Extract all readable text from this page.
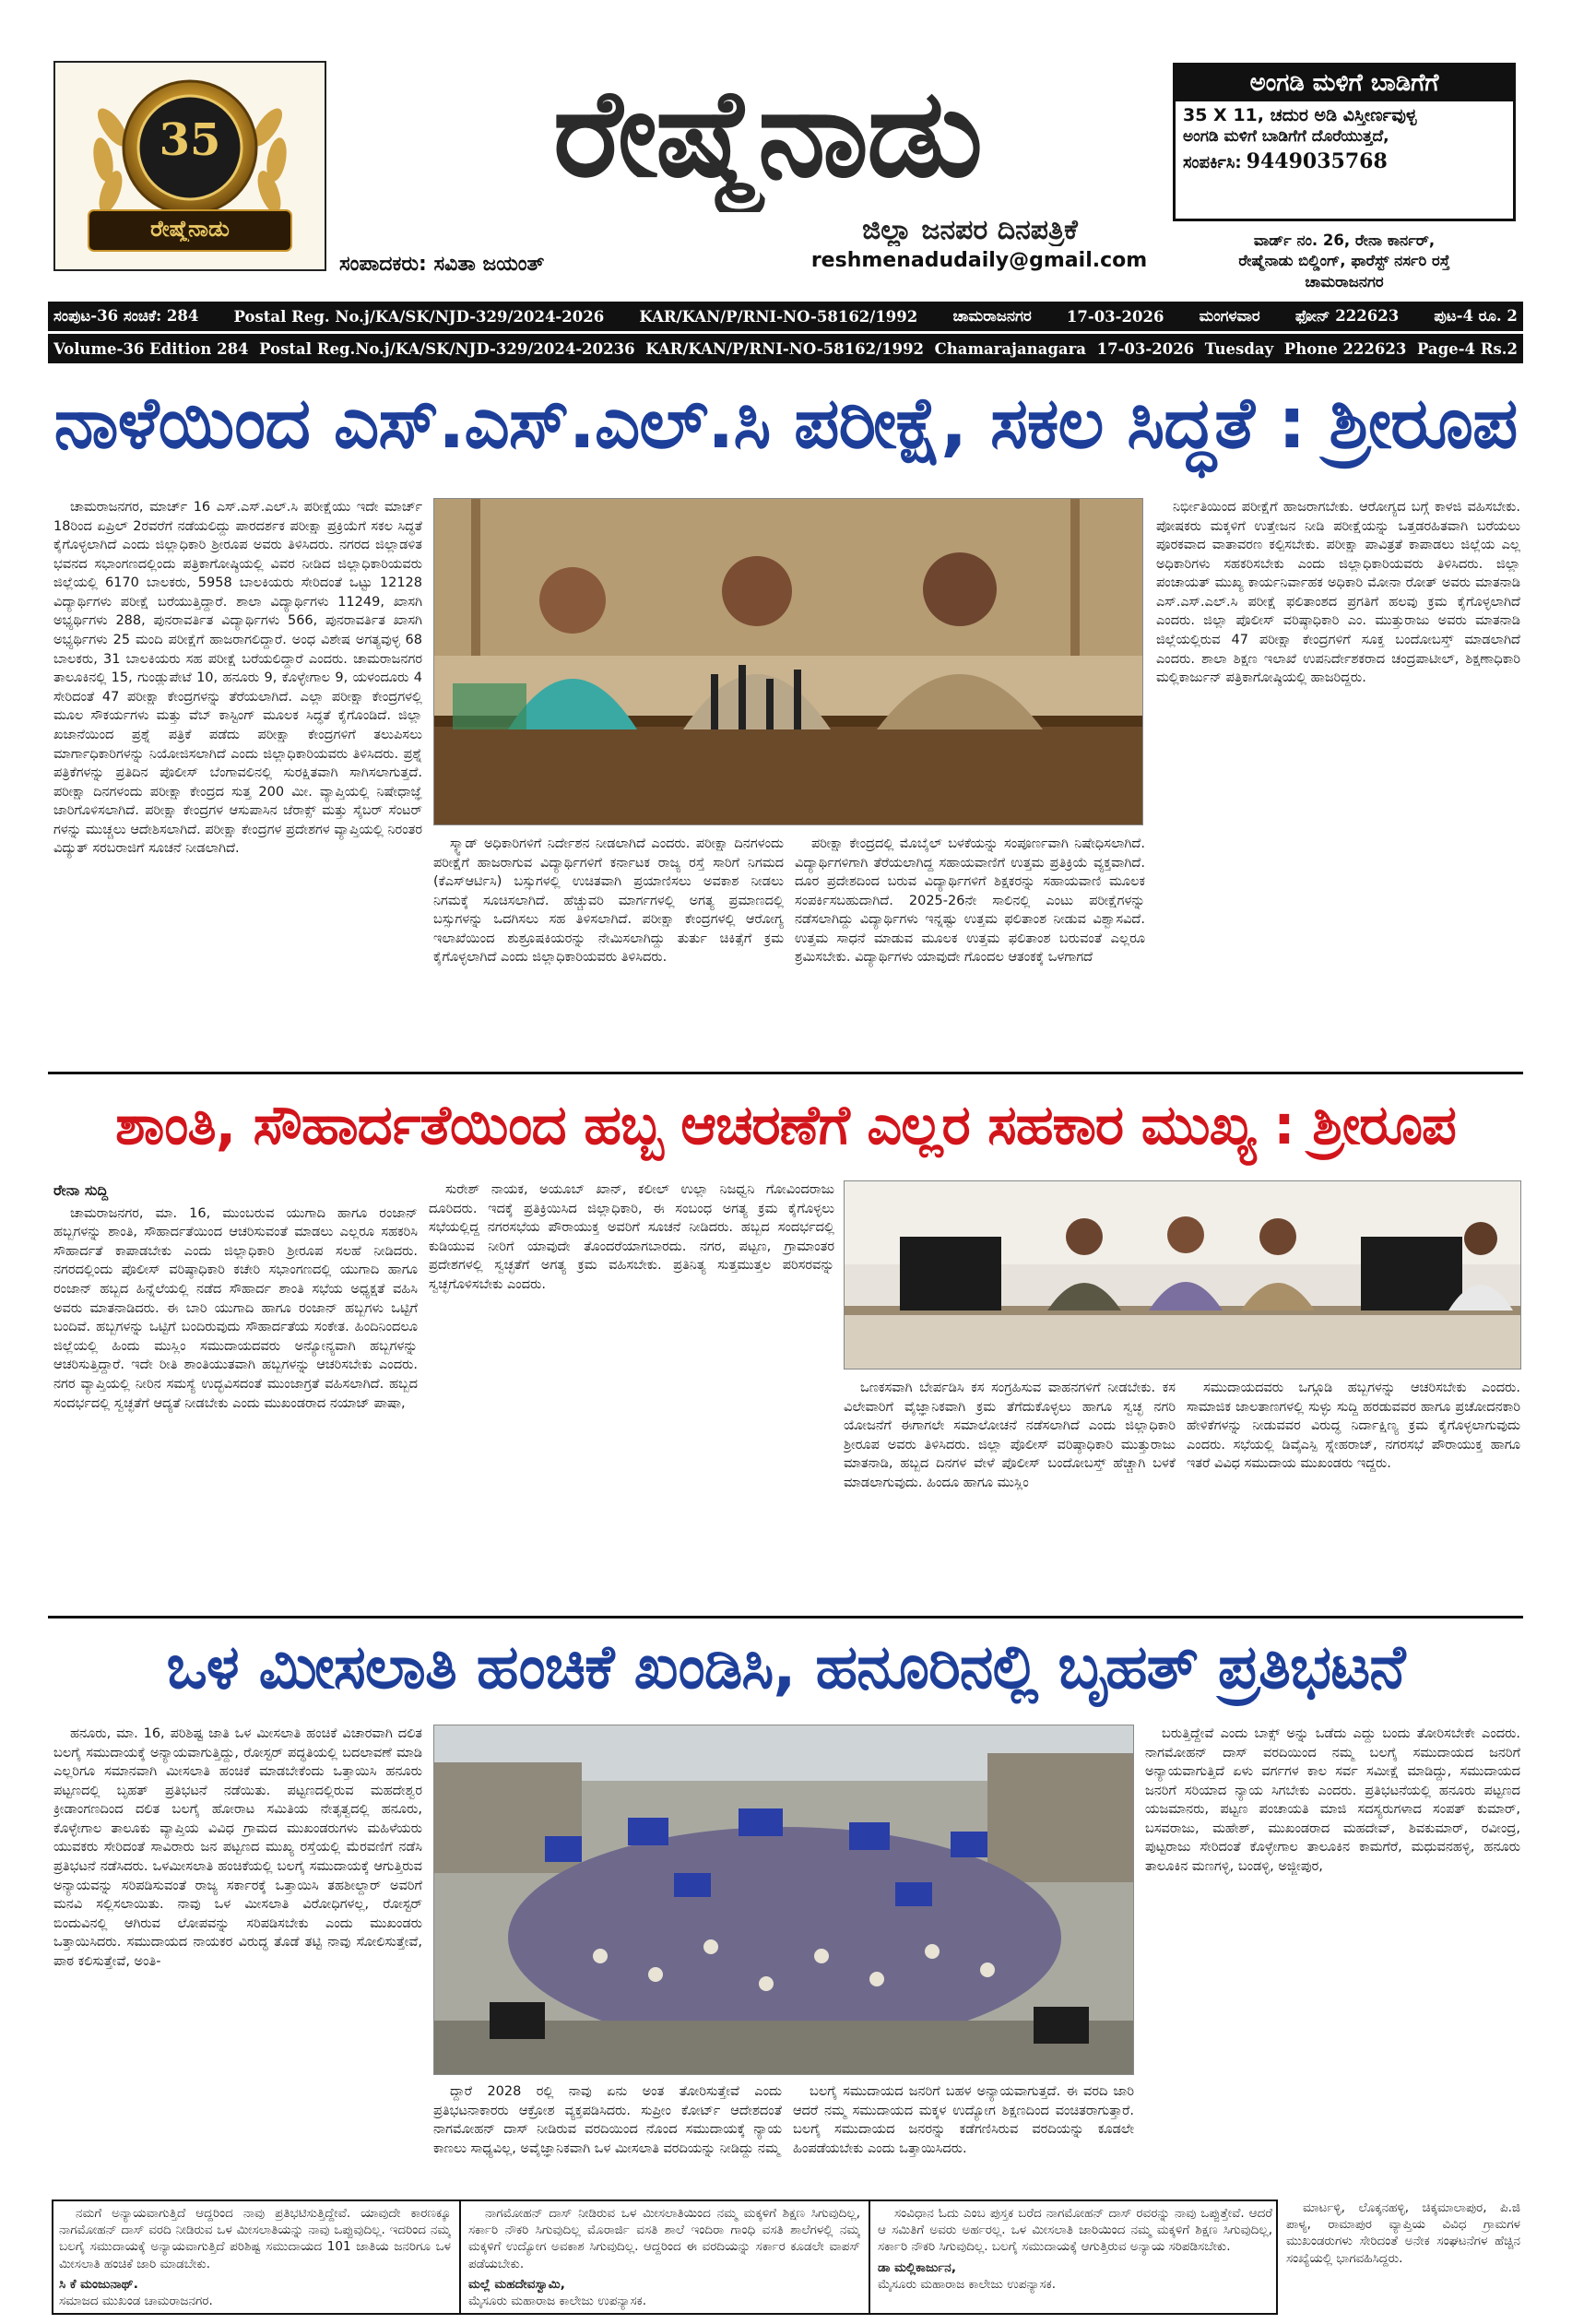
35
ರೇಷ್ಮೆನಾಡು
ರೇಷ್ಮೆನಾಡು
ಜಿಲ್ಲಾ ಜನಪರ ದಿನಪತ್ರಿಕೆ
ಸಂಪಾದಕರು: ಸವಿತಾ ಜಯಂತ್	reshmenadudaily@gmail.com
ಅಂಗಡಿ ಮಳಿಗೆ ಬಾಡಿಗೆಗೆ
35 X 11, ಚದುರ ಅಡಿ ವಿಸ್ತೀರ್ಣವುಳ್ಳ
ಅಂಗಡಿ ಮಳಿಗೆ ಬಾಡಿಗೆಗೆ ದೊರೆಯುತ್ತದೆ,
ಸಂಪರ್ಕಿಸಿ: 9449035768
ವಾರ್ಡ್ ನಂ. 26, ರೇನಾ ಕಾರ್ನರ್,
ರೇಷ್ಮೆನಾಡು ಬಿಲ್ಡಿಂಗ್, ಫಾರೆಸ್ಟ್ ನರ್ಸರಿ ರಸ್ತೆ
ಚಾಮರಾಜನಗರ
ಸಂಪುಟ-36 ಸಂಚಿಕೆ: 284 Postal Reg. No.j/KA/SK/NJD-329/2024-2026 KAR/KAN/P/RNI-NO-58162/1992 ಚಾಮರಾಜನಗರ 17-03-2026 ಮಂಗಳವಾರ ಫೋನ್ 222623 ಪುಟ-4 ರೂ. 2
Volume-36 Edition 284 Postal Reg.No.j/KA/SK/NJD-329/2024-20236 KAR/KAN/P/RNI-NO-58162/1992 Chamarajanagara 17-03-2026 Tuesday Phone 222623 Page-4 Rs.2
ನಾಳೆಯಿಂದ ಎಸ್.ಎಸ್.ಎಲ್.ಸಿ ಪರೀಕ್ಷೆ, ಸಕಲ ಸಿದ್ಧತೆ : ಶ್ರೀರೂಪ

ಚಾಮರಾಜನಗರ, ಮಾರ್ಚ್ 16 ಎಸ್.ಎಸ್.ಎಲ್.ಸಿ ಪರೀಕ್ಷೆಯು ಇದೇ ಮಾರ್ಚ್ 18ರಿಂದ ಏಪ್ರಿಲ್ 2ರವರೆಗೆ ನಡೆಯಲಿದ್ದು ಪಾರದರ್ಶಕ ಪರೀಕ್ಷಾ ಪ್ರಕ್ರಿಯೆಗೆ ಸಕಲ ಸಿದ್ಧತೆ ಕೈಗೊಳ್ಳಲಾಗಿದೆ ಎಂದು ಜಿಲ್ಲಾಧಿಕಾರಿ ಶ್ರೀರೂಪ ಅವರು ತಿಳಿಸಿದರು. ನಗರದ ಜಿಲ್ಲಾಡಳಿತ ಭವನದ ಸಭಾಂಗಣದಲ್ಲಿಂದು ಪತ್ರಿಕಾಗೋಷ್ಠಿಯಲ್ಲಿ ವಿವರ ನೀಡಿದ ಜಿಲ್ಲಾಧಿಕಾರಿಯವರು ಜಿಲ್ಲೆಯಲ್ಲಿ 6170 ಬಾಲಕರು, 5958 ಬಾಲಕಿಯರು ಸೇರಿದಂತೆ ಒಟ್ಟು 12128 ವಿದ್ಯಾರ್ಥಿಗಳು ಪರೀಕ್ಷೆ ಬರೆಯುತ್ತಿದ್ದಾರೆ. ಶಾಲಾ ವಿದ್ಯಾರ್ಥಿಗಳು 11249, ಖಾಸಗಿ ಅಭ್ಯರ್ಥಿಗಳು 288, ಪುನರಾವರ್ತಿತ ವಿದ್ಯಾರ್ಥಿಗಳು 566, ಪುನರಾವರ್ತಿತ ಖಾಸಗಿ ಅಭ್ಯರ್ಥಿಗಳು 25 ಮಂದಿ ಪರೀಕ್ಷೆಗೆ ಹಾಜರಾಗಲಿದ್ದಾರೆ. ಅಂಧ ವಿಶೇಷ ಅಗತ್ಯವುಳ್ಳ 68 ಬಾಲಕರು, 31 ಬಾಲಕಿಯರು ಸಹ ಪರೀಕ್ಷೆ ಬರೆಯಲಿದ್ದಾರೆ ಎಂದರು. ಚಾಮರಾಜನಗರ ತಾಲೂಕಿನಲ್ಲಿ 15, ಗುಂಡ್ಲುಪೇಟೆ 10, ಹನೂರು 9, ಕೊಳ್ಳೇಗಾಲ 9, ಯಳಂದೂರು 4 ಸೇರಿದಂತೆ 47 ಪರೀಕ್ಷಾ ಕೇಂದ್ರಗಳನ್ನು ತೆರೆಯಲಾಗಿದೆ. ಎಲ್ಲಾ ಪರೀಕ್ಷಾ ಕೇಂದ್ರಗಳಲ್ಲಿ ಮೂಲ ಸೌಕರ್ಯಗಳು ಮತ್ತು ವೆಬ್ ಕಾಸ್ಟಿಂಗ್ ಮೂಲಕ ಸಿದ್ಧತೆ ಕೈಗೊಂಡಿದೆ. ಜಿಲ್ಲಾ ಖಜಾನೆಯಿಂದ ಪ್ರಶ್ನೆ ಪತ್ರಿಕೆ ಪಡೆದು ಪರೀಕ್ಷಾ ಕೇಂದ್ರಗಳಿಗೆ ತಲುಪಿಸಲು ಮಾರ್ಗಾಧಿಕಾರಿಗಳನ್ನು ನಿಯೋಜಿಸಲಾಗಿದೆ ಎಂದು ಜಿಲ್ಲಾಧಿಕಾರಿಯವರು ತಿಳಿಸಿದರು. ಪ್ರಶ್ನೆ ಪತ್ರಿಕೆಗಳನ್ನು ಪ್ರತಿದಿನ ಪೊಲೀಸ್ ಬೆಂಗಾವಲಿನಲ್ಲಿ ಸುರಕ್ಷಿತವಾಗಿ ಸಾಗಿಸಲಾಗುತ್ತದೆ. ಪರೀಕ್ಷಾ ದಿನಗಳಂದು ಪರೀಕ್ಷಾ ಕೇಂದ್ರದ ಸುತ್ತ 200 ಮೀ. ವ್ಯಾಪ್ತಿಯಲ್ಲಿ ನಿಷೇಧಾಜ್ಞೆ ಜಾರಿಗೊಳಿಸಲಾಗಿದೆ. ಪರೀಕ್ಷಾ ಕೇಂದ್ರಗಳ ಆಸುಪಾಸಿನ ಜೆರಾಕ್ಸ್ ಮತ್ತು ಸೈಬರ್ ಸೆಂಟರ್ ಗಳನ್ನು ಮುಚ್ಚಲು ಆದೇಶಿಸಲಾಗಿದೆ. ಪರೀಕ್ಷಾ ಕೇಂದ್ರಗಳ ಪ್ರದೇಶಗಳ ವ್ಯಾಪ್ತಿಯಲ್ಲಿ ನಿರಂತರ ವಿದ್ಯುತ್ ಸರಬರಾಜಿಗೆ ಸೂಚನೆ ನೀಡಲಾಗಿದೆ.	ಸ್ಕ್ವಾಡ್ ಅಧಿಕಾರಿಗಳಿಗೆ ನಿರ್ದೇಶನ ನೀಡಲಾಗಿದೆ ಎಂದರು. ಪರೀಕ್ಷಾ ದಿನಗಳಂದು ಪರೀಕ್ಷೆಗೆ ಹಾಜರಾಗುವ ವಿದ್ಯಾರ್ಥಿಗಳಿಗೆ ಕರ್ನಾಟಕ ರಾಜ್ಯ ರಸ್ತೆ ಸಾರಿಗೆ ನಿಗಮದ (ಕೆಎಸ್ಆರ್ಟಿಸಿ) ಬಸ್ಸುಗಳಲ್ಲಿ ಉಚಿತವಾಗಿ ಪ್ರಯಾಣಿಸಲು ಅವಕಾಶ ನೀಡಲು ನಿಗಮಕ್ಕೆ ಸೂಚಿಸಲಾಗಿದೆ. ಹೆಚ್ಚುವರಿ ಮಾರ್ಗಗಳಲ್ಲಿ ಅಗತ್ಯ ಪ್ರಮಾಣದಲ್ಲಿ ಬಸ್ಸುಗಳನ್ನು ಒದಗಿಸಲು ಸಹ ತಿಳಿಸಲಾಗಿದೆ. ಪರೀಕ್ಷಾ ಕೇಂದ್ರಗಳಲ್ಲಿ ಆರೋಗ್ಯ ಇಲಾಖೆಯಿಂದ ಶುಶ್ರೂಷಕಿಯರನ್ನು ನೇಮಿಸಲಾಗಿದ್ದು ತುರ್ತು ಚಿಕಿತ್ಸೆಗೆ ಕ್ರಮ ಕೈಗೊಳ್ಳಲಾಗಿದೆ ಎಂದು ಜಿಲ್ಲಾಧಿಕಾರಿಯವರು ತಿಳಿಸಿದರು.

ಪರೀಕ್ಷಾ ಕೇಂದ್ರದಲ್ಲಿ ಮೊಬೈಲ್ ಬಳಕೆಯನ್ನು ಸಂಪೂರ್ಣವಾಗಿ ನಿಷೇಧಿಸಲಾಗಿದೆ. ವಿದ್ಯಾರ್ಥಿಗಳಿಗಾಗಿ ತೆರೆಯಲಾಗಿದ್ದ ಸಹಾಯವಾಣಿಗೆ ಉತ್ತಮ ಪ್ರತಿಕ್ರಿಯೆ ವ್ಯಕ್ತವಾಗಿದೆ. ದೂರ ಪ್ರದೇಶದಿಂದ ಬರುವ ವಿದ್ಯಾರ್ಥಿಗಳಿಗೆ ಶಿಕ್ಷಕರನ್ನು ಸಹಾಯವಾಣಿ ಮೂಲಕ ಸಂಪರ್ಕಿಸಬಹುದಾಗಿದೆ. 2025-26ನೇ ಸಾಲಿನಲ್ಲಿ ಎಂಟು ಪರೀಕ್ಷೆಗಳನ್ನು ನಡೆಸಲಾಗಿದ್ದು ವಿದ್ಯಾರ್ಥಿಗಳು ಇನ್ನಷ್ಟು ಉತ್ತಮ ಫಲಿತಾಂಶ ನೀಡುವ ವಿಶ್ವಾಸವಿದೆ. ಉತ್ತಮ ಸಾಧನೆ ಮಾಡುವ ಮೂಲಕ ಉತ್ತಮ ಫಲಿತಾಂಶ ಬರುವಂತೆ ಎಲ್ಲರೂ ಶ್ರಮಿಸಬೇಕು. ವಿದ್ಯಾರ್ಥಿಗಳು ಯಾವುದೇ ಗೊಂದಲ ಆತಂಕಕ್ಕೆ ಒಳಗಾಗದೆ

ನಿರ್ಭೀತಿಯಿಂದ ಪರೀಕ್ಷೆಗೆ ಹಾಜರಾಗಬೇಕು. ಆರೋಗ್ಯದ ಬಗ್ಗೆ ಕಾಳಜಿ ವಹಿಸಬೇಕು. ಪೋಷಕರು ಮಕ್ಕಳಿಗೆ ಉತ್ತೇಜನ ನೀಡಿ ಪರೀಕ್ಷೆಯನ್ನು ಒತ್ತಡರಹಿತವಾಗಿ ಬರೆಯಲು ಪೂರಕವಾದ ವಾತಾವರಣ ಕಲ್ಪಿಸಬೇಕು. ಪರೀಕ್ಷಾ ಪಾವಿತ್ರತೆ ಕಾಪಾಡಲು ಜಿಲ್ಲೆಯ ಎಲ್ಲ ಅಧಿಕಾರಿಗಳು ಸಹಕರಿಸಬೇಕು ಎಂದು ಜಿಲ್ಲಾಧಿಕಾರಿಯವರು ತಿಳಿಸಿದರು. ಜಿಲ್ಲಾ ಪಂಚಾಯತ್ ಮುಖ್ಯ ಕಾರ್ಯನಿರ್ವಾಹಕ ಅಧಿಕಾರಿ ಮೋನಾ ರೋತ್ ಅವರು ಮಾತನಾಡಿ ಎಸ್.ಎಸ್.ಎಲ್.ಸಿ ಪರೀಕ್ಷೆ ಫಲಿತಾಂಶದ ಪ್ರಗತಿಗೆ ಹಲವು ಕ್ರಮ ಕೈಗೊಳ್ಳಲಾಗಿದೆ ಎಂದರು. ಜಿಲ್ಲಾ ಪೊಲೀಸ್ ವರಿಷ್ಠಾಧಿಕಾರಿ ಎಂ. ಮುತ್ತುರಾಜು ಅವರು ಮಾತನಾಡಿ ಜಿಲ್ಲೆಯಲ್ಲಿರುವ 47 ಪರೀಕ್ಷಾ ಕೇಂದ್ರಗಳಿಗೆ ಸೂಕ್ತ ಬಂದೋಬಸ್ತ್ ಮಾಡಲಾಗಿದೆ ಎಂದರು. ಶಾಲಾ ಶಿಕ್ಷಣ ಇಲಾಖೆ ಉಪನಿರ್ದೇಶಕರಾದ ಚಂದ್ರಪಾಟೀಲ್, ಶಿಕ್ಷಣಾಧಿಕಾರಿ ಮಲ್ಲಿಕಾರ್ಜುನ್ ಪತ್ರಿಕಾಗೋಷ್ಠಿಯಲ್ಲಿ ಹಾಜರಿದ್ದರು.

ಶಾಂತಿ, ಸೌಹಾರ್ದತೆಯಿಂದ ಹಬ್ಬ ಆಚರಣೆಗೆ ಎಲ್ಲರ ಸಹಕಾರ ಮುಖ್ಯ : ಶ್ರೀರೂಪ
ರೇನಾ ಸುದ್ದಿ

ಚಾಮರಾಜನಗರ, ಮಾ. 16, ಮುಂಬರುವ ಯುಗಾದಿ ಹಾಗೂ ರಂಜಾನ್ ಹಬ್ಬಗಳನ್ನು ಶಾಂತಿ, ಸೌಹಾರ್ದತೆಯಿಂದ ಆಚರಿಸುವಂತೆ ಮಾಡಲು ಎಲ್ಲರೂ ಸಹಕರಿಸಿ ಸೌಹಾರ್ದತೆ ಕಾಪಾಡಬೇಕು ಎಂದು ಜಿಲ್ಲಾಧಿಕಾರಿ ಶ್ರೀರೂಪ ಸಲಹೆ ನೀಡಿದರು. ನಗರದಲ್ಲಿಂದು ಪೊಲೀಸ್ ವರಿಷ್ಠಾಧಿಕಾರಿ ಕಚೇರಿ ಸಭಾಂಗಣದಲ್ಲಿ ಯುಗಾದಿ ಹಾಗೂ ರಂಜಾನ್ ಹಬ್ಬದ ಹಿನ್ನೆಲೆಯಲ್ಲಿ ನಡೆದ ಸೌಹಾರ್ದ ಶಾಂತಿ ಸಭೆಯ ಅಧ್ಯಕ್ಷತೆ ವಹಿಸಿ ಅವರು ಮಾತನಾಡಿದರು. ಈ ಬಾರಿ ಯುಗಾದಿ ಹಾಗೂ ರಂಜಾನ್ ಹಬ್ಬಗಳು ಒಟ್ಟಿಗೆ ಬಂದಿವೆ. ಹಬ್ಬಗಳನ್ನು ಒಟ್ಟಿಗೆ ಬಂದಿರುವುದು ಸೌಹಾರ್ದತೆಯ ಸಂಕೇತ. ಹಿಂದಿನಿಂದಲೂ ಜಿಲ್ಲೆಯಲ್ಲಿ ಹಿಂದು ಮುಸ್ಲಿಂ ಸಮುದಾಯದವರು ಅನ್ಯೋನ್ಯವಾಗಿ ಹಬ್ಬಗಳನ್ನು ಆಚರಿಸುತ್ತಿದ್ದಾರೆ. ಇದೇ ರೀತಿ ಶಾಂತಿಯುತವಾಗಿ ಹಬ್ಬಗಳನ್ನು ಆಚರಿಸಬೇಕು ಎಂದರು. ನಗರ ವ್ಯಾಪ್ತಿಯಲ್ಲಿ ನೀರಿನ ಸಮಸ್ಯೆ ಉದ್ಭವಿಸದಂತೆ ಮುಂಜಾಗ್ರತೆ ವಹಿಸಲಾಗಿದೆ. ಹಬ್ಬದ ಸಂದರ್ಭದಲ್ಲಿ ಸ್ವಚ್ಛತೆಗೆ ಆದ್ಯತೆ ನೀಡಬೇಕು ಎಂದು ಮುಖಂಡರಾದ ನಯಾಜ್ ಪಾಷಾ,

ಸುರೇಶ್ ನಾಯಕ, ಅಯೂಬ್ ಖಾನ್, ಕಲೀಲ್ ಉಲ್ಲಾ ನಿಜಧ್ವನಿ ಗೋವಿಂದರಾಜು ದೂರಿದರು. ಇದಕ್ಕೆ ಪ್ರತಿಕ್ರಿಯಿಸಿದ ಜಿಲ್ಲಾಧಿಕಾರಿ, ಈ ಸಂಬಂಧ ಅಗತ್ಯ ಕ್ರಮ ಕೈಗೊಳ್ಳಲು ಸಭೆಯಲ್ಲಿದ್ದ ನಗರಸಭೆಯ ಪೌರಾಯುಕ್ತ ಅವರಿಗೆ ಸೂಚನೆ ನೀಡಿದರು. ಹಬ್ಬದ ಸಂದರ್ಭದಲ್ಲಿ ಕುಡಿಯುವ ನೀರಿಗೆ ಯಾವುದೇ ತೊಂದರೆಯಾಗಬಾರದು. ನಗರ, ಪಟ್ಟಣ, ಗ್ರಾಮಾಂತರ ಪ್ರದೇಶಗಳಲ್ಲಿ ಸ್ವಚ್ಛತೆಗೆ ಅಗತ್ಯ ಕ್ರಮ ವಹಿಸಬೇಕು. ಪ್ರತಿನಿತ್ಯ ಸುತ್ತಮುತ್ತಲ ಪರಿಸರವನ್ನು ಸ್ವಚ್ಛಗೊಳಿಸಬೇಕು ಎಂದರು.

ಒಣಕಸವಾಗಿ ಬೇರ್ಪಡಿಸಿ ಕಸ ಸಂಗ್ರಹಿಸುವ ವಾಹನಗಳಿಗೆ ನೀಡಬೇಕು. ಕಸ ವಿಲೇವಾರಿಗೆ ವೈಜ್ಞಾನಿಕವಾಗಿ ಕ್ರಮ ತೆಗೆದುಕೊಳ್ಳಲು ಹಾಗೂ ಸ್ವಚ್ಛ ನಗರಿ ಯೋಜನೆಗೆ ಈಗಾಗಲೇ ಸಮಾಲೋಚನೆ ನಡೆಸಲಾಗಿದೆ ಎಂದು ಜಿಲ್ಲಾಧಿಕಾರಿ ಶ್ರೀರೂಪ ಅವರು ತಿಳಿಸಿದರು. ಜಿಲ್ಲಾ ಪೊಲೀಸ್ ವರಿಷ್ಠಾಧಿಕಾರಿ ಮುತ್ತುರಾಜು ಮಾತನಾಡಿ, ಹಬ್ಬದ ದಿನಗಳ ವೇಳೆ ಪೊಲೀಸ್ ಬಂದೋಬಸ್ತ್ ಹೆಚ್ಚಾಗಿ ಬಳಕೆ ಮಾಡಲಾಗುವುದು. ಹಿಂದೂ ಹಾಗೂ ಮುಸ್ಲಿಂ

ಸಮುದಾಯದವರು ಒಗ್ಗೂಡಿ ಹಬ್ಬಗಳನ್ನು ಆಚರಿಸಬೇಕು ಎಂದರು. ಸಾಮಾಜಿಕ ಜಾಲತಾಣಗಳಲ್ಲಿ ಸುಳ್ಳು ಸುದ್ದಿ ಹರಡುವವರ ಹಾಗೂ ಪ್ರಚೋದನಕಾರಿ ಹೇಳಿಕೆಗಳನ್ನು ನೀಡುವವರ ವಿರುದ್ಧ ನಿರ್ದಾಕ್ಷಿಣ್ಯ ಕ್ರಮ ಕೈಗೊಳ್ಳಲಾಗುವುದು ಎಂದರು. ಸಭೆಯಲ್ಲಿ ಡಿವೈಎಸ್ಪಿ ಸ್ನೇಹರಾಜ್, ನಗರಸಭೆ ಪೌರಾಯುಕ್ತ ಹಾಗೂ ಇತರೆ ವಿವಿಧ ಸಮುದಾಯ ಮುಖಂಡರು ಇದ್ದರು.

ಒಳ ಮೀಸಲಾತಿ ಹಂಚಿಕೆ ಖಂಡಿಸಿ, ಹನೂರಿನಲ್ಲಿ ಬೃಹತ್ ಪ್ರತಿಭಟನೆ

ಹನೂರು, ಮಾ. 16, ಪರಿಶಿಷ್ಟ ಜಾತಿ ಒಳ ಮೀಸಲಾತಿ ಹಂಚಿಕೆ ವಿಚಾರವಾಗಿ ದಲಿತ ಬಲಗೈ ಸಮುದಾಯಕ್ಕೆ ಅನ್ಯಾಯವಾಗುತ್ತಿದ್ದು, ರೋಸ್ಟರ್ ಪದ್ಧತಿಯಲ್ಲಿ ಬದಲಾವಣೆ ಮಾಡಿ ಎಲ್ಲರಿಗೂ ಸಮಾನವಾಗಿ ಮೀಸಲಾತಿ ಹಂಚಿಕೆ ಮಾಡಬೇಕೆಂದು ಒತ್ತಾಯಿಸಿ ಹನೂರು ಪಟ್ಟಣದಲ್ಲಿ ಬೃಹತ್ ಪ್ರತಿಭಟನೆ ನಡೆಯಿತು. ಪಟ್ಟಣದಲ್ಲಿರುವ ಮಹದೇಶ್ವರ ಕ್ರೀಡಾಂಗಣದಿಂದ ದಲಿತ ಬಲಗೈ ಹೋರಾಟ ಸಮಿತಿಯ ನೇತೃತ್ವದಲ್ಲಿ ಹನೂರು, ಕೊಳ್ಳೇಗಾಲ ತಾಲೂಕು ವ್ಯಾಪ್ತಿಯ ವಿವಿಧ ಗ್ರಾಮದ ಮುಖಂಡರುಗಳು ಮಹಿಳೆಯರು ಯುವಕರು ಸೇರಿದಂತೆ ಸಾವಿರಾರು ಜನ ಪಟ್ಟಣದ ಮುಖ್ಯ ರಸ್ತೆಯಲ್ಲಿ ಮೆರವಣಿಗೆ ನಡೆಸಿ ಪ್ರತಿಭಟನೆ ನಡೆಸಿದರು. ಒಳಮೀಸಲಾತಿ ಹಂಚಿಕೆಯಲ್ಲಿ ಬಲಗೈ ಸಮುದಾಯಕ್ಕೆ ಆಗುತ್ತಿರುವ ಅನ್ಯಾಯವನ್ನು ಸರಿಪಡಿಸುವಂತೆ ರಾಜ್ಯ ಸರ್ಕಾರಕ್ಕೆ ಒತ್ತಾಯಿಸಿ ತಹಶೀಲ್ದಾರ್ ಅವರಿಗೆ ಮನವಿ ಸಲ್ಲಿಸಲಾಯಿತು. ನಾವು ಒಳ ಮೀಸಲಾತಿ ವಿರೋಧಿಗಳಲ್ಲ, ರೋಸ್ಟರ್ ಬಿಂದುವಿನಲ್ಲಿ ಆಗಿರುವ ಲೋಪವನ್ನು ಸರಿಪಡಿಸಬೇಕು ಎಂದು ಮುಖಂಡರು ಒತ್ತಾಯಿಸಿದರು. ಸಮುದಾಯದ ನಾಯಕರ ವಿರುದ್ಧ ತೊಡೆ ತಟ್ಟಿ ನಾವು ಸೋಲಿಸುತ್ತೇವೆ, ಪಾಠ ಕಲಿಸುತ್ತೇವೆ, ಅಂತಿ-

ದ್ದಾರೆ 2028 ರಲ್ಲಿ ನಾವು ಏನು ಅಂತ ತೋರಿಸುತ್ತೇವೆ ಎಂದು ಪ್ರತಿಭಟನಾಕಾರರು ಆಕ್ರೋಶ ವ್ಯಕ್ತಪಡಿಸಿದರು. ಸುಪ್ರೀಂ ಕೋರ್ಟ್ ಆದೇಶದಂತೆ ನಾಗಮೋಹನ್ ದಾಸ್ ನೀಡಿರುವ ವರದಿಯಿಂದ ನೊಂದ ಸಮುದಾಯಕ್ಕೆ ನ್ಯಾಯ ಕಾಣಲು ಸಾಧ್ಯವಿಲ್ಲ, ಅವೈಜ್ಞಾನಿಕವಾಗಿ ಒಳ ಮೀಸಲಾತಿ ವರದಿಯನ್ನು ನೀಡಿದ್ದು ನಮ್ಮ

ಬಲಗೈ ಸಮುದಾಯದ ಜನರಿಗೆ ಬಹಳ ಅನ್ಯಾಯವಾಗುತ್ತದೆ. ಈ ವರದಿ ಜಾರಿ ಆದರೆ ನಮ್ಮ ಸಮುದಾಯದ ಮಕ್ಕಳ ಉದ್ಯೋಗ ಶಿಕ್ಷಣದಿಂದ ವಂಚಿತರಾಗುತ್ತಾರೆ. ಬಲಗೈ ಸಮುದಾಯದ ಜನರನ್ನು ಕಡೆಗಣಿಸಿರುವ ವರದಿಯನ್ನು ಕೂಡಲೇ ಹಿಂಪಡೆಯಬೇಕು ಎಂದು ಒತ್ತಾಯಿಸಿದರು.

ಬರುತ್ತಿದ್ದೇವೆ ಎಂದು ಬಾಕ್ಸ್ ಅನ್ನು ಒಡೆದು ಎದ್ದು ಬಂದು ತೋರಿಸಬೇಕೇ ಎಂದರು. ನಾಗಮೋಹನ್ ದಾಸ್ ವರದಿಯಿಂದ ನಮ್ಮ ಬಲಗೈ ಸಮುದಾಯದ ಜನರಿಗೆ ಅನ್ಯಾಯವಾಗುತ್ತಿದೆ ಏಳು ವರ್ಗಗಳ ಕಾಲ ಸರ್ವ ಸಮೀಕ್ಷೆ ಮಾಡಿದ್ದು, ಸಮುದಾಯದ ಜನರಿಗೆ ಸರಿಯಾದ ನ್ಯಾಯ ಸಿಗಬೇಕು ಎಂದರು. ಪ್ರತಿಭಟನೆಯಲ್ಲಿ ಹನೂರು ಪಟ್ಟಣದ ಯಜಮಾನರು, ಪಟ್ಟಣ ಪಂಚಾಯತಿ ಮಾಜಿ ಸದಸ್ಯರುಗಳಾದ ಸಂಪತ್ ಕುಮಾರ್, ಬಸವರಾಜು, ಮಹೇಶ್, ಮುಖಂಡರಾದ ಮಹದೇವ್, ಶಿವಕುಮಾರ್, ರವೀಂದ್ರ, ಪುಟ್ಟರಾಜು ಸೇರಿದಂತೆ ಕೊಳ್ಳೇಗಾಲ ತಾಲೂಕಿನ ಕಾಮಗೆರೆ, ಮಧುವನಹಳ್ಳಿ, ಹನೂರು ತಾಲೂಕಿನ ಮಣಗಳ್ಳಿ, ಬಂಡಳ್ಳಿ, ಅಜ್ಜೀಪುರ,

ನಮಗೆ ಅನ್ಯಾಯವಾಗುತ್ತಿದೆ ಆದ್ದರಿಂದ ನಾವು ಪ್ರತಿಭಟಿಸುತ್ತಿದ್ದೇವೆ. ಯಾವುದೇ ಕಾರಣಕ್ಕೂ ನಾಗಮೋಹನ್ ದಾಸ್ ವರದಿ ನೀಡಿರುವ ಒಳ ಮೀಸಲಾತಿಯನ್ನು ನಾವು ಒಪ್ಪುವುದಿಲ್ಲ. ಇದರಿಂದ ನಮ್ಮ ಬಲಗೈ ಸಮುದಾಯಕ್ಕೆ ಅನ್ಯಾಯವಾಗುತ್ತಿದೆ ಪರಿಶಿಷ್ಟ ಸಮುದಾಯದ 101 ಜಾತಿಯ ಜನರಿಗೂ ಒಳ ಮೀಸಲಾತಿ ಹಂಚಿಕೆ ಜಾರಿ ಮಾಡಬೇಕು.

ಸಿ ಕೆ ಮಂಜುನಾಥ್.
ಸಮಾಜದ ಮುಖಂಡ ಚಾಮರಾಜನಗರ.

ನಾಗಮೋಹನ್ ದಾಸ್ ನೀಡಿರುವ ಒಳ ಮೀಸಲಾತಿಯಿಂದ ನಮ್ಮ ಮಕ್ಕಳಿಗೆ ಶಿಕ್ಷಣ ಸಿಗುವುದಿಲ್ಲ, ಸರ್ಕಾರಿ ನೌಕರಿ ಸಿಗುವುದಿಲ್ಲ ಮೊರಾರ್ಜಿ ವಸತಿ ಶಾಲೆ ಇಂದಿರಾ ಗಾಂಧಿ ವಸತಿ ಶಾಲೆಗಳಲ್ಲಿ ನಮ್ಮ ಮಕ್ಕಳಿಗೆ ಉದ್ಯೋಗ ಅವಕಾಶ ಸಿಗುವುದಿಲ್ಲ. ಆದ್ದರಿಂದ ಈ ವರದಿಯನ್ನು ಸರ್ಕಾರ ಕೂಡಲೇ ವಾಪಸ್ ಪಡೆಯಬೇಕು.

ಮಲ್ಲೆ ಮಹದೇವಸ್ವಾಮಿ,
ಮೈಸೂರು ಮಹಾರಾಜ ಕಾಲೇಜು ಉಪನ್ಯಾಸಕ.

ಸಂವಿಧಾನ ಓದು ಎಂಬ ಪುಸ್ತಕ ಬರೆದ ನಾಗಮೋಹನ್ ದಾಸ್ ರವರನ್ನು ನಾವು ಒಪ್ಪುತ್ತೇವೆ. ಆದರೆ ಆ ಸಮಿತಿಗೆ ಅವರು ಅರ್ಹರಲ್ಲ. ಒಳ ಮೀಸಲಾತಿ ಜಾರಿಯಿಂದ ನಮ್ಮ ಮಕ್ಕಳಿಗೆ ಶಿಕ್ಷಣ ಸಿಗುವುದಿಲ್ಲ, ಸರ್ಕಾರಿ ನೌಕರಿ ಸಿಗುವುದಿಲ್ಲ. ಬಲಗೈ ಸಮುದಾಯಕ್ಕೆ ಆಗುತ್ತಿರುವ ಅನ್ಯಾಯ ಸರಿಪಡಿಸಬೇಕು.

ಡಾ ಮಲ್ಲಿಕಾರ್ಜುನ,
ಮೈಸೂರು ಮಹಾರಾಜ ಕಾಲೇಜು ಉಪನ್ಯಾಸಕ.

ಮಾರ್ಟಳ್ಳಿ, ಲೊಕ್ಕನಹಳ್ಳಿ, ಚಿಕ್ಕಮಾಲಾಪುರ, ಪಿ.ಜಿ ಪಾಳ್ಯ, ರಾಮಾಪುರ ವ್ಯಾಪ್ತಿಯ ವಿವಿಧ ಗ್ರಾಮಗಳ ಮುಖಂಡರುಗಳು ಸೇರಿದಂತೆ ಅನೇಕ ಸಂಘಟನೆಗಳ ಹೆಚ್ಚಿನ ಸಂಖ್ಯೆಯಲ್ಲಿ ಭಾಗವಹಿಸಿದ್ದರು.
